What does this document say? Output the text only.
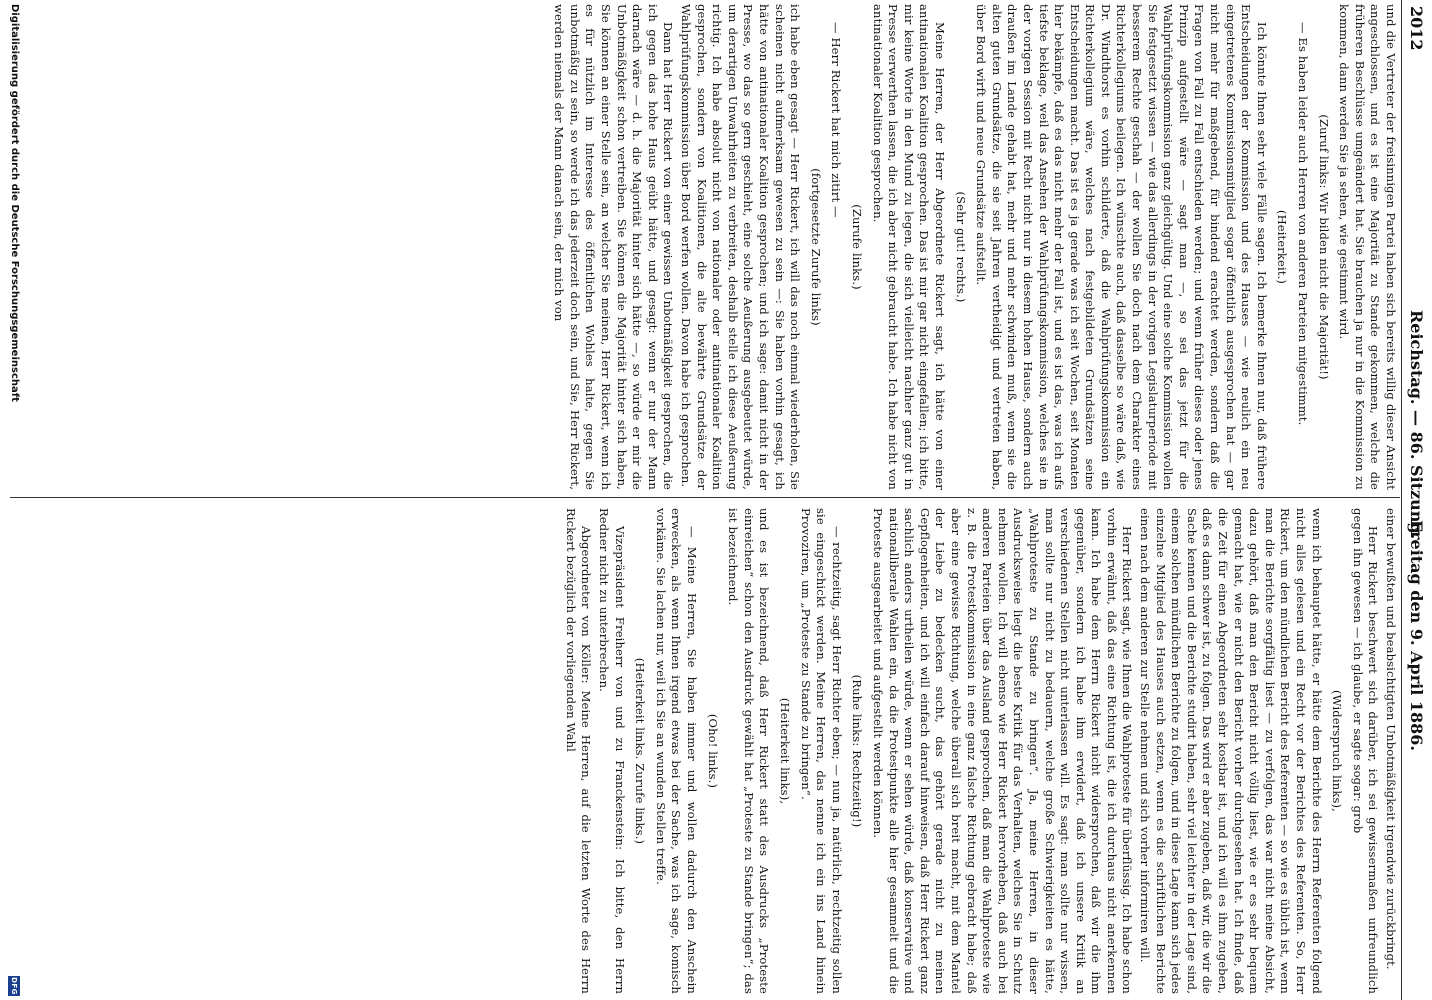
2012
Reichstag. — 86. Sitzung.
Freitag den 9. April 1886.

und die Vertreter der freisinnigen Partei haben sich bereits willig dieser Ansicht angeschlossen, und es ist eine Majorität zu Stande gekommen, welche die früheren Beschlüsse umgeändert hat. Sie brauchen ja nur in die Kommission zu kommen, dann werden Sie ja sehen, wie gestimmt wird.

(Zuruf links: Wir bilden nicht die Majorität!)

— Es haben leider auch Herren von anderen Parteien mitgestimmt.

(Heiterkeit.)

Ich könnte Ihnen sehr viele Fälle sagen. Ich bemerke Ihnen nur, daß frühere Entscheidungen der Kommission und des Hauses — wie neulich ein neu eingetretenes Kommissionsmitglied sogar öffentlich ausgesprochen hat — gar nicht mehr für maßgebend, für bindend erachtet werden, sondern daß die Fragen von Fall zu Fall entschieden werden; und wenn früher dieses oder jenes Prinzip aufgestellt wäre — sagt man —, so sei das jetzt für die Wahlprüfungskommission ganz gleichgültig. Und eine solche Kommission wollen Sie festgesetzt wissen — wie das allerdings in der vorigen Legislaturperiode mit besserem Rechte geschah — der wollen Sie doch nach dem Charakter eines Richterkollegiums beilegen. Ich wünschte auch, daß dasselbe so wäre daß, wie Dr. Windthorst es vorhin schilderte, daß die Wahlprüfungskommission ein Richterkollegium wäre, welches nach festgebildeten Grundsätzen seine Entscheidungen macht. Das ist es ja gerade was ich seit Wochen, seit Monaten hier bekämpfe, daß es das nicht mehr der Fall ist, und es ist das, was ich aufs tiefste beklage, weil das Ansehen der Wahlprüfungskommission, welches sie in der vorigen Session mit Recht nicht nur in diesem hohen Hause, sondern auch draußen im Lande gehabt hat, mehr und mehr schwinden muß, wenn sie die alten guten Grundsätze, die sie seit Jahren vertheidigt und vertreten haben, über Bord wirft und neue Grundsätze aufstellt.

(Sehr gut! rechts.)

Meine Herren, der Herr Abgeordnete Rickert sagt, ich hätte von einer antinationalen Koalition gesprochen. Das ist mir gar nicht eingefallen; ich bitte, mir keine Worte in den Mund zu legen, die sich vielleicht nachher ganz gut in Presse verwerthen lassen, die ich aber nicht gebraucht habe. Ich habe nicht von antinationaler Koalition gesprochen.

(Zurufe links.)

— Herr Rickert hat mich zitirt —

(fortgesetzte Zurufe links)

ich habe eben gesagt — Herr Rickert, ich will das noch einmal wiederholen, Sie scheinen nicht aufmerksam gewesen zu sein —: Sie haben vorhin gesagt, ich hätte von antinationaler Koalition gesprochen; und ich sage: damit nicht in der Presse, wo das so gern geschieht, eine solche Aeußerung ausgebeutet würde, um derartigen Unwahrheiten zu verbreiten, deshalb stelle ich diese Aeußerung richtig. Ich habe absolut nicht von nationaler oder antinationaler Koalition gesprochen, sondern von Koalitionen, die alte bewährte Grundsätze der Wahlprüfungskommission über Bord werfen wollen. Davon habe ich gesprochen.

Dann hat Herr Rickert von einer gewissen Unbotmäßigkeit gesprochen, die ich gegen das hohe Haus geübt hätte, und gesagt: wenn er nur der Mann darnach wäre — d. h. die Majorität hinter sich hätte —, so würde er mir die Unbotmäßigkeit schon vertreiben. Sie können die Majorität hinter sich haben, Sie können an einer Stelle sein, an welcher Sie meinen, Herr Rickert, wenn ich es für nützlich im Interesse des öffentlichen Wohles halte, gegen Sie unbotmäßig zu sein, so werde ich das jederzeit doch sein, und Sie, Herr Rickert, werden niemals der Mann danach sein, der mich von

einer bewußten und beabsichtigten Unbotmäßigkeit irgendwie zurückbringt.

Herr Rickert beschwert sich darüber, ich sei gewissermaßen unfreundlich gegen ihn gewesen — ich glaube, er sagte sogar: grob

(Widerspruch links),

wenn ich behauptet hätte, er hätte dem Berichte des Herrn Referenten folgend nicht alles gelesen und ein Recht vor der Berichtes des Referenten. So, Herr Rickert, um den mündlichen Bericht des Referenten — so wie es üblich ist, wenn man die Berichte sorgfältig liest — zu verfolgen, das war nicht meine Absicht, dazu gehört, daß man den Bericht nicht völlig liest, wie er es sehr bequem gemacht hat, wie er nicht den Bericht vorher durchgesehen hat. Ich finde, daß die Zeit für einen Abgeordneten sehr kostbar ist, und ich will es ihm zugeben, daß es dann schwer ist, zu folgen. Das wird er aber zugeben, daß wir, die wir die Sache kennen und die Berichte studirt haben, sehr viel leichter in der Lage sind, einem solchen mündlichen Berichte zu folgen, und in diese Lage kann sich jedes einzelne Mitglied des Hauses auch setzen, wenn es die schriftlichen Berichte einen nach dem anderen zur Stelle nehmen und sich vorher informiren will.

Herr Rickert sagt, wie Ihnen die Wahlproteste für überflüssig. Ich habe schon vorhin erwähnt, daß das eine Richtung ist, die ich durchaus nicht anerkennen kann. Ich habe dem Herrn Rickert nicht widersprochen, daß wir die ihm gegenüber, sondern ich habe ihm erwidert, daß ich unsere Kritik an verschiedenen Stellen nicht unterlassen will. Es sagt: man sollte nur wissen, man sollte nur nicht zu bedauern, welche große Schwierigkeiten es hätte, „Wahlproteste zu Stande zu bringen“. Ja, meine Herren, in dieser Ausdrucksweise liegt die beste Kritik für das Verhalten, welches Sie in Schutz nehmen wollen. Ich will ebenso wie Herr Rickert hervorheben, daß auch bei anderen Parteien über das Ausland gesprochen, daß man die Wahlproteste wie z. B. die Protestkommission in eine ganz falsche Richtung gebracht habe; daß aber eine gewisse Richtung, welche überall sich breit macht, mit dem Mantel der Liebe zu bedecken sucht, das gehört gerade nicht zu meinen Gepflogenheiten, und ich will einfach darauf hinweisen, daß Herr Rickert ganz sachlich anders urtheilen würde, wenn er sehen würde, daß konservative und nationalliberale Wahlen ein, da die Protestpunkte alle hier gesammelt und die Proteste ausgearbeitet und aufgestellt werden können.

(Ruhe links: Rechtzeitig!)

— rechtzeitig, sagt Herr Richter eben; — nun ja, natürlich, rechtzeitig sollen sie eingeschickt werden. Meine Herren, das nenne ich ein ins Land hinein Provoziren, um „Proteste zu Stande zu bringen“.

(Heiterkeit links),

und es ist bezeichnend, daß Herr Rickert statt des Ausdrucks „Proteste einreichen“ schon den Ausdruck gewählt hat „Proteste zu Stande bringen“; das ist bezeichnend.

(Oho! links.)

— Meine Herren, Sie haben immer und wollen dadurch den Anschein erwecken, als wenn Ihnen irgend etwas bei der Sache, was ich sage, komisch vorkäme. Sie lachen nur, weil ich Sie an wunden Stellen treffe.

(Heiterkeit links. Zurufe links.)

Vizepräsident Freiherr von und zu Franckenstein: Ich bitte, den Herrn Redner nicht zu unterbrechen.

Abgeordneter von Köller: Meine Herren, auf die letzten Worte des Herrn Rickert bezüglich der vorliegenden Wahl

Digitalisierung gefördert durch die Deutsche Forschungsgemeinschaft
DFG
